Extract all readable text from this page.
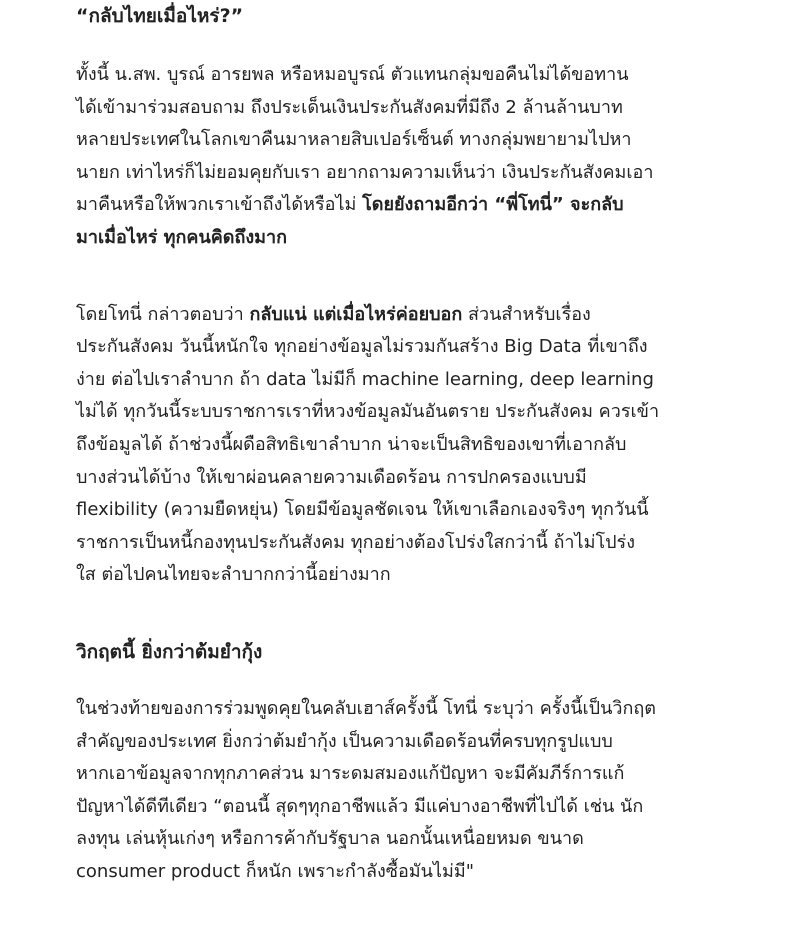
“กลับไทยเมื่อไหร่?”

ทั้งนี้ น.สพ. บูรณ์ อารยพล หรือหมอบูรณ์ ตัวแทนกลุ่มขอคืนไม่ได้ขอทาน
ได้เข้ามาร่วมสอบถาม ถึงประเด็นเงินประกันสังคมที่มีถึง 2 ล้านล้านบาท
หลายประเทศในโลกเขาคืนมาหลายสิบเปอร์เซ็นต์ ทางกลุ่มพยายามไปหา
นายก เท่าไหร่ก็ไม่ยอมคุยกับเรา อยากถามความเห็นว่า เงินประกันสังคมเอา
มาคืนหรือให้พวกเราเข้าถึงได้หรือไม่ โดยยังถามอีกว่า “พี่โทนี่” จะกลับ
มาเมื่อไหร่ ทุกคนคิดถึงมาก

โดยโทนี่ กล่าวตอบว่า กลับแน่ แต่เมื่อไหร่ค่อยบอก ส่วนสำหรับเรื่อง
ประกันสังคม วันนี้หนักใจ ทุกอย่างข้อมูลไม่รวมกันสร้าง Big Data ที่เขาถึง
ง่าย ต่อไปเราลำบาก ถ้า data ไม่มีก็ machine learning, deep learning
ไม่ได้ ทุกวันนี้ระบบราชการเราที่หวงข้อมูลมันอันตราย ประกันสังคม ควรเข้า
ถึงข้อมูลได้ ถ้าช่วงนี้ผดือสิทธิเขาลำบาก น่าจะเป็นสิทธิของเขาที่เอากลับ
บางส่วนได้บ้าง ให้เขาผ่อนคลายความเดือดร้อน การปกครองแบบมี
flexibility (ความยืดหยุ่น) โดยมีข้อมูลชัดเจน ให้เขาเลือกเองจริงๆ ทุกวันนี้
ราชการเป็นหนี้กองทุนประกันสังคม ทุกอย่างต้องโปร่งใสกว่านี้ ถ้าไม่โปร่ง
ใส ต่อไปคนไทยจะลำบากกว่านี้อย่างมาก

วิกฤตนี้ ยิ่งกว่าต้มยำกุ้ง

ในช่วงท้ายของการร่วมพูดคุยในคลับเฮาส์ครั้งนี้ โทนี่ ระบุว่า ครั้งนี้เป็นวิกฤต
สำคัญของประเทศ ยิ่งกว่าต้มยำกุ้ง เป็นความเดือดร้อนที่ครบทุกรูปแบบ
หากเอาข้อมูลจากทุกภาคส่วน มาระดมสมองแก้ปัญหา จะมีคัมภีร์การแก้
ปัญหาได้ดีทีเดียว “ตอนนี้ สุดๆทุกอาชีพแล้ว มีแค่บางอาชีพที่ไปได้ เช่น นัก
ลงทุน เล่นหุ้นเก่งๆ หรือการค้ากับรัฐบาล นอกนั้นเหนื่อยหมด ขนาด
consumer product ก็หนัก เพราะกำลังซื้อมันไม่มี"
